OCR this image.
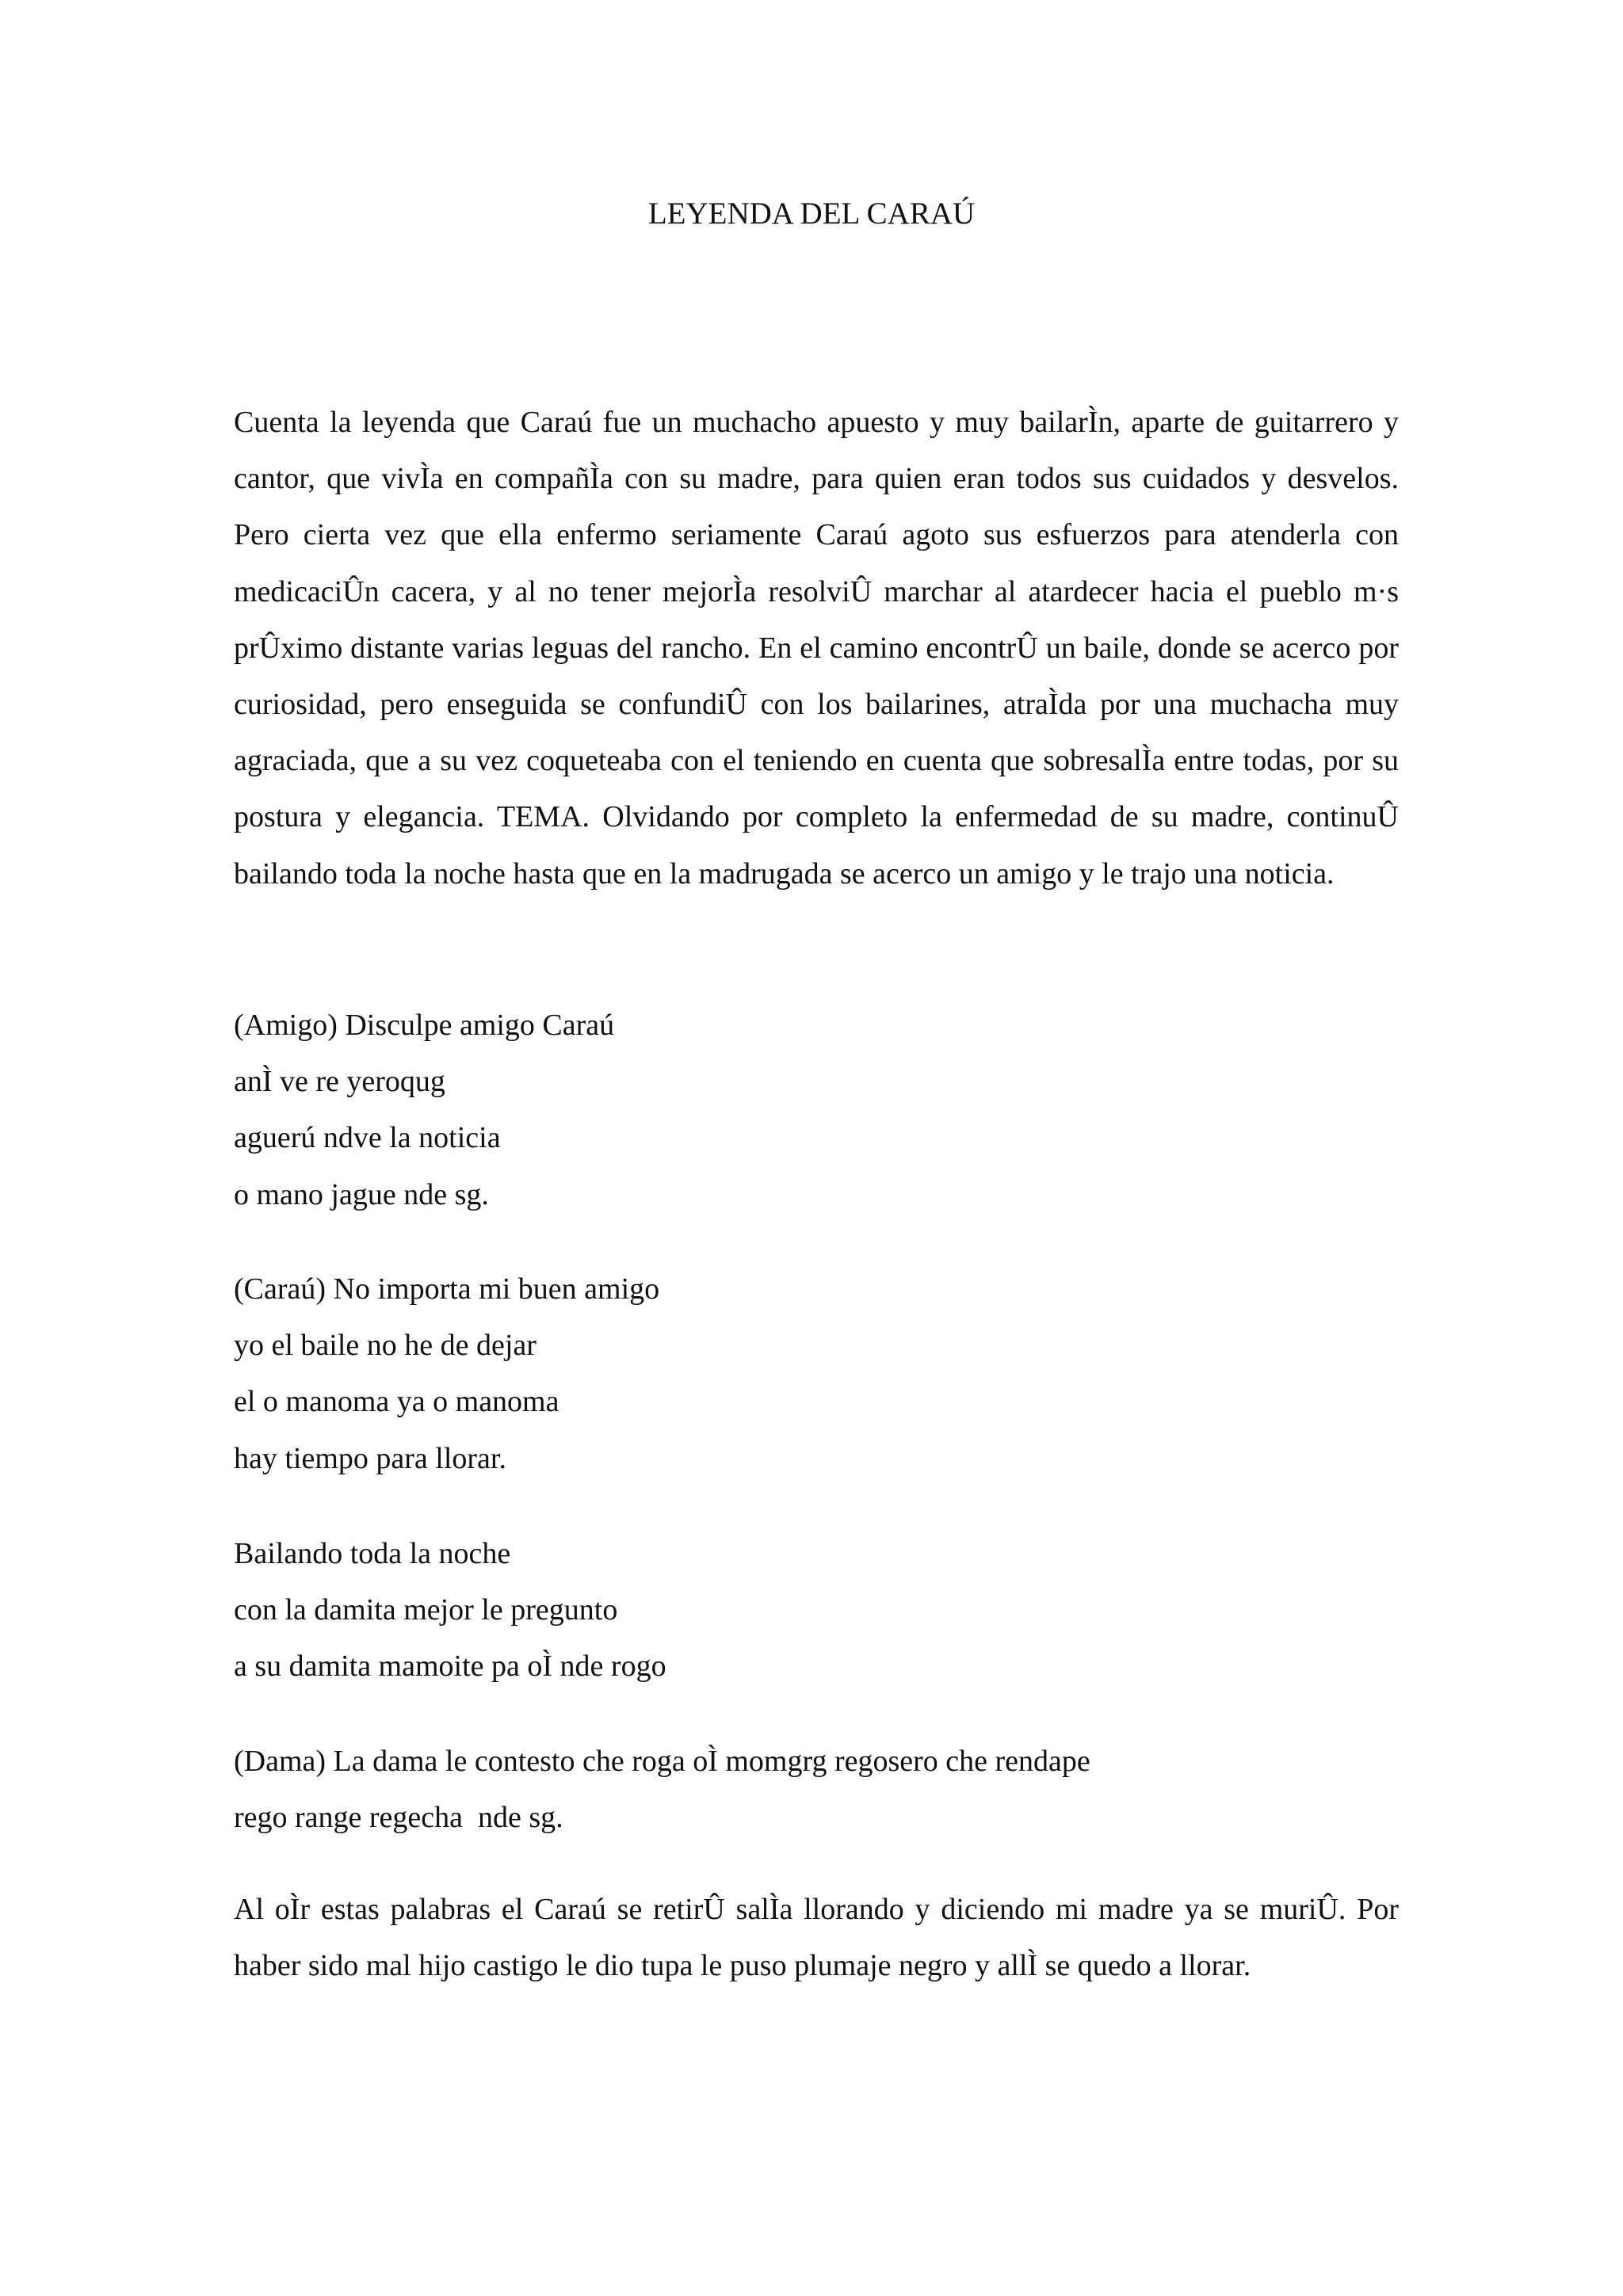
LEYENDA DEL CARAÚ

Cuenta la leyenda que Caraú fue un muchacho apuesto y muy bailarÌn, aparte de guitarrero y cantor, que vivÌa en compañÌa con su madre, para quien eran todos sus cuidados y desvelos. Pero cierta vez que ella enfermo seriamente Caraú agoto sus esfuerzos para atenderla con medicaciÛn cacera, y al no tener mejorÌa resolviÛ marchar al atardecer hacia el pueblo m·s prÛximo distante varias leguas del rancho. En el camino encontrÛ un baile, donde se acerco por curiosidad, pero enseguida se confundiÛ con los bailarines, atraÌda por una muchacha muy agraciada, que a su vez coqueteaba con el teniendo en cuenta que sobresalÌa entre todas, por su postura y elegancia. TEMA. Olvidando por completo la enfermedad de su madre, continuÛ bailando toda la noche hasta que en la madrugada se acerco un amigo y le trajo una noticia.

(Amigo) Disculpe amigo Caraú
anÌ ve re yeroqug
aguerú ndve la noticia
o mano jague nde sg.
(Caraú) No importa mi buen amigo
yo el baile no he de dejar
el o manoma ya o manoma
hay tiempo para llorar.
Bailando toda la noche
con la damita mejor le pregunto
a su damita mamoite pa oÌ nde rogo
(Dama) La dama le contesto che roga oÌ momgrg regosero che rendape
rego range regecha  nde sg.

Al oÌr estas palabras el Caraú se retirÛ salÌa llorando y diciendo mi madre ya se muriÛ. Por haber sido mal hijo castigo le dio tupa le puso plumaje negro y allÌ se quedo a llorar.
